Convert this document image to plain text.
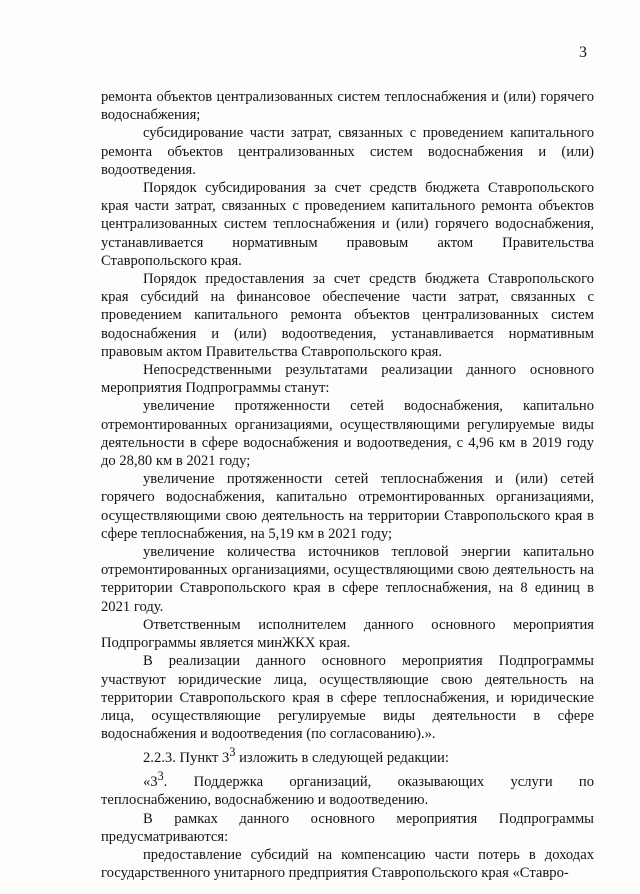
3

ремонта объектов централизованных систем теплоснабжения и (или) горячего водоснабжения;

субсидирование части затрат, связанных с проведением капитального ремонта объектов централизованных систем водоснабжения и (или) водоотведения.

Порядок субсидирования за счет средств бюджета Ставропольского края части затрат, связанных с проведением капитального ремонта объектов централизованных систем теплоснабжения и (или) горячего водоснабжения, устанавливается нормативным правовым актом Правительства Ставропольского края.

Порядок предоставления за счет средств бюджета Ставропольского края субсидий на финансовое обеспечение части затрат, связанных с проведением капитального ремонта объектов централизованных систем водоснабжения и (или) водоотведения, устанавливается нормативным правовым актом Правительства Ставропольского края.

Непосредственными результатами реализации данного основного мероприятия Подпрограммы станут:

увеличение протяженности сетей водоснабжения, капитально отремонтированных организациями, осуществляющими регулируемые виды деятельности в сфере водоснабжения и водоотведения, с 4,96 км в 2019 году до 28,80 км в 2021 году;

увеличение протяженности сетей теплоснабжения и (или) сетей горячего водоснабжения, капитально отремонтированных организациями, осуществляющими свою деятельность на территории Ставропольского края в сфере теплоснабжения, на 5,19 км в 2021 году;

увеличение количества источников тепловой энергии капитально отремонтированных организациями, осуществляющими свою деятельность на территории Ставропольского края в сфере теплоснабжения, на 8 единиц в 2021 году.

Ответственным исполнителем данного основного мероприятия Подпрограммы является минЖКХ края.

В реализации данного основного мероприятия Подпрограммы участвуют юридические лица, осуществляющие свою деятельность на территории Ставропольского края в сфере теплоснабжения, и юридические лица, осуществляющие регулируемые виды деятельности в сфере водоснабжения и водоотведения (по согласованию).».

2.2.3. Пункт $3^3$ изложить в следующей редакции:

«$3^3$. Поддержка организаций, оказывающих услуги по теплоснабжению, водоснабжению и водоотведению.

В рамках данного основного мероприятия Подпрограммы предусматриваются:

предоставление субсидий на компенсацию части потерь в доходах государственного унитарного предприятия Ставропольского края «Ставро-
